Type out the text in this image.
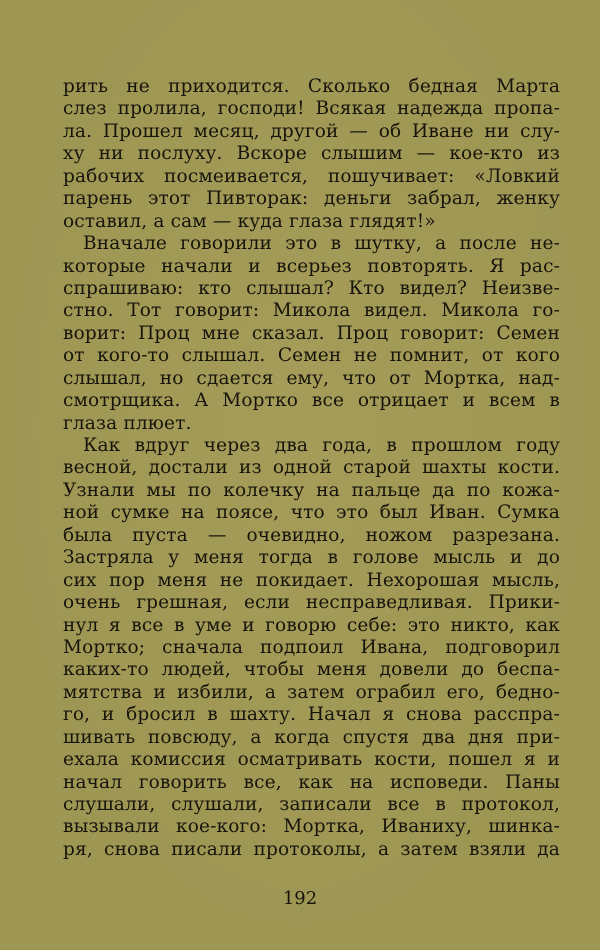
рить не приходится. Сколько бедная Марта
слез пролила, господи! Всякая надежда пропа-
ла. Прошел месяц, другой — об Иване ни слу-
ху ни послуху. Вскоре слышим — кое-кто из
рабочих посмеивается, пошучивает: «Ловкий
парень этот Пивторак: деньги забрал, женку
оставил, а сам — куда глаза глядят!»
Вначале говорили это в шутку, а после не-
которые начали и всерьез повторять. Я рас-
спрашиваю: кто слышал? Кто видел? Неизве-
стно. Тот говорит: Микола видел. Микола го-
ворит: Проц мне сказал. Проц говорит: Семен
от кого-то слышал. Семен не помнит, от кого
слышал, но сдается ему, что от Мортка, над-
смотрщика. А Мортко все отрицает и всем в
глаза плюет.
Как вдруг через два года, в прошлом году
весной, достали из одной старой шахты кости.
Узнали мы по колечку на пальце да по кожа-
ной сумке на поясе, что это был Иван. Сумка
была пуста — очевидно, ножом разрезана.
Застряла у меня тогда в голове мысль и до
сих пор меня не покидает. Нехорошая мысль,
очень грешная, если несправедливая. Прики-
нул я все в уме и говорю себе: это никто, как
Мортко; сначала подпоил Ивана, подговорил
каких-то людей, чтобы меня довели до беспа-
мятства и избили, а затем ограбил его, бедно-
го, и бросил в шахту. Начал я снова расспра-
шивать повсюду, а когда спустя два дня при-
ехала комиссия осматривать кости, пошел я и
начал говорить все, как на исповеди. Паны
слушали, слушали, записали все в протокол,
вызывали кое-кого: Мортка, Иваниху, шинка-
ря, снова писали протоколы, а затем взяли да
192
